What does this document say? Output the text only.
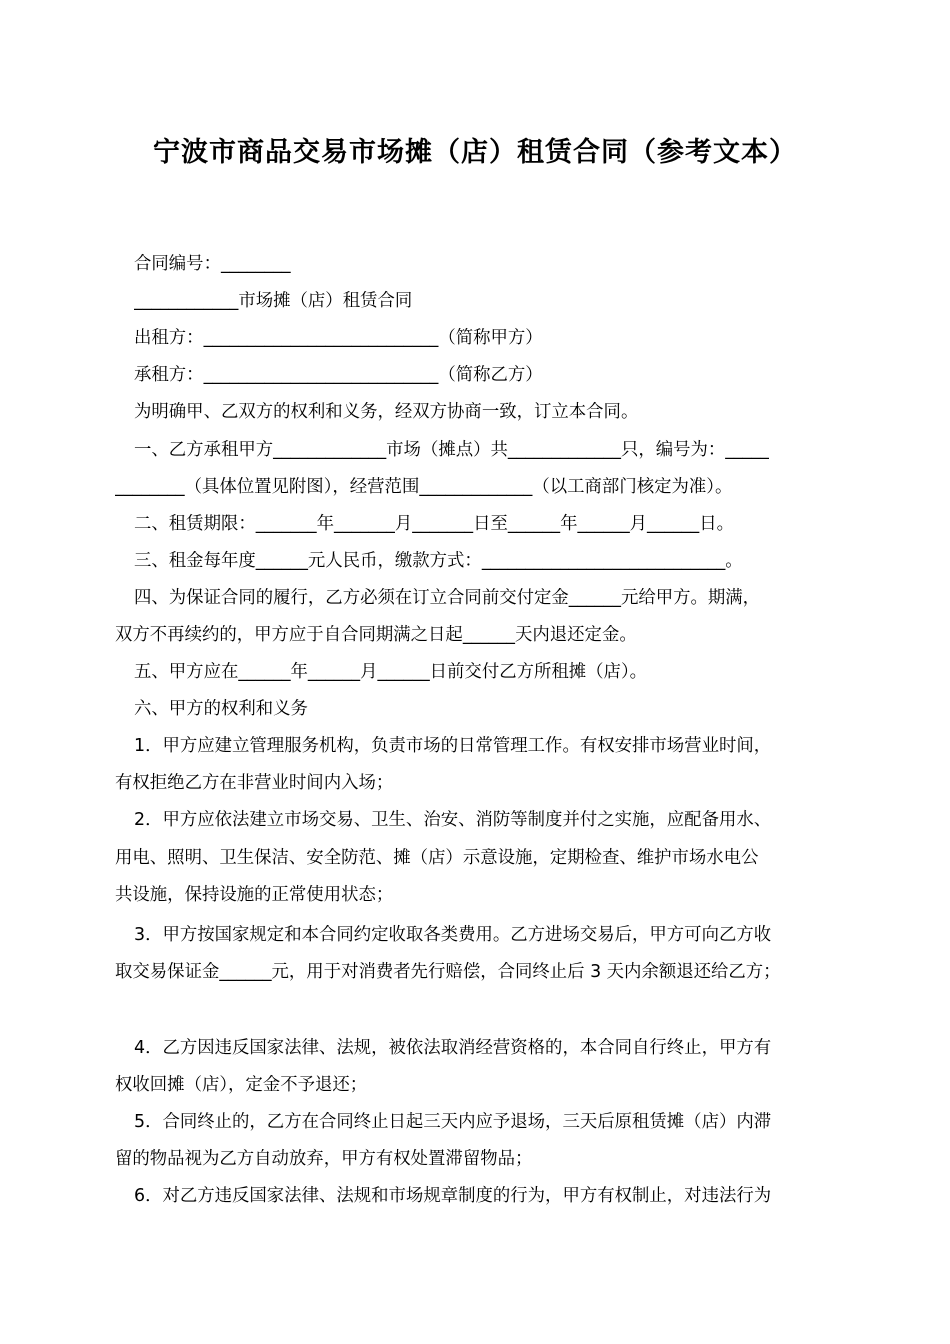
宁波市商品交易市场摊（店）租赁合同（参考文本）
合同编号：________
____________市场摊（店）租赁合同
出租方：___________________________（简称甲方）
承租方：___________________________（简称乙方）
为明确甲、乙双方的权利和义务，经双方协商一致，订立本合同。
一、乙方承租甲方_____________市场（摊点）共_____________只，编号为：_____
________（具体位置见附图），经营范围_____________（以工商部门核定为准）。
二、租赁期限：_______年_______月_______日至______年______月______日。
三、租金每年度______元人民币，缴款方式：____________________________。
四、为保证合同的履行，乙方必须在订立合同前交付定金______元给甲方。期满，
双方不再续约的，甲方应于自合同期满之日起______天内退还定金。
五、甲方应在______年______月______日前交付乙方所租摊（店）。
六、甲方的权利和义务
1．甲方应建立管理服务机构，负责市场的日常管理工作。有权安排市场营业时间，
有权拒绝乙方在非营业时间内入场；
2．甲方应依法建立市场交易、卫生、治安、消防等制度并付之实施，应配备用水、
用电、照明、卫生保洁、安全防范、摊（店）示意设施，定期检查、维护市场水电公
共设施，保持设施的正常使用状态；
3．甲方按国家规定和本合同约定收取各类费用。乙方进场交易后，甲方可向乙方收
取交易保证金______元，用于对消费者先行赔偿，合同终止后 3 天内余额退还给乙方；
4．乙方因违反国家法律、法规，被依法取消经营资格的，本合同自行终止，甲方有
权收回摊（店），定金不予退还；
5．合同终止的，乙方在合同终止日起三天内应予退场，三天后原租赁摊（店）内滞
留的物品视为乙方自动放弃，甲方有权处置滞留物品；
6．对乙方违反国家法律、法规和市场规章制度的行为，甲方有权制止，对违法行为
